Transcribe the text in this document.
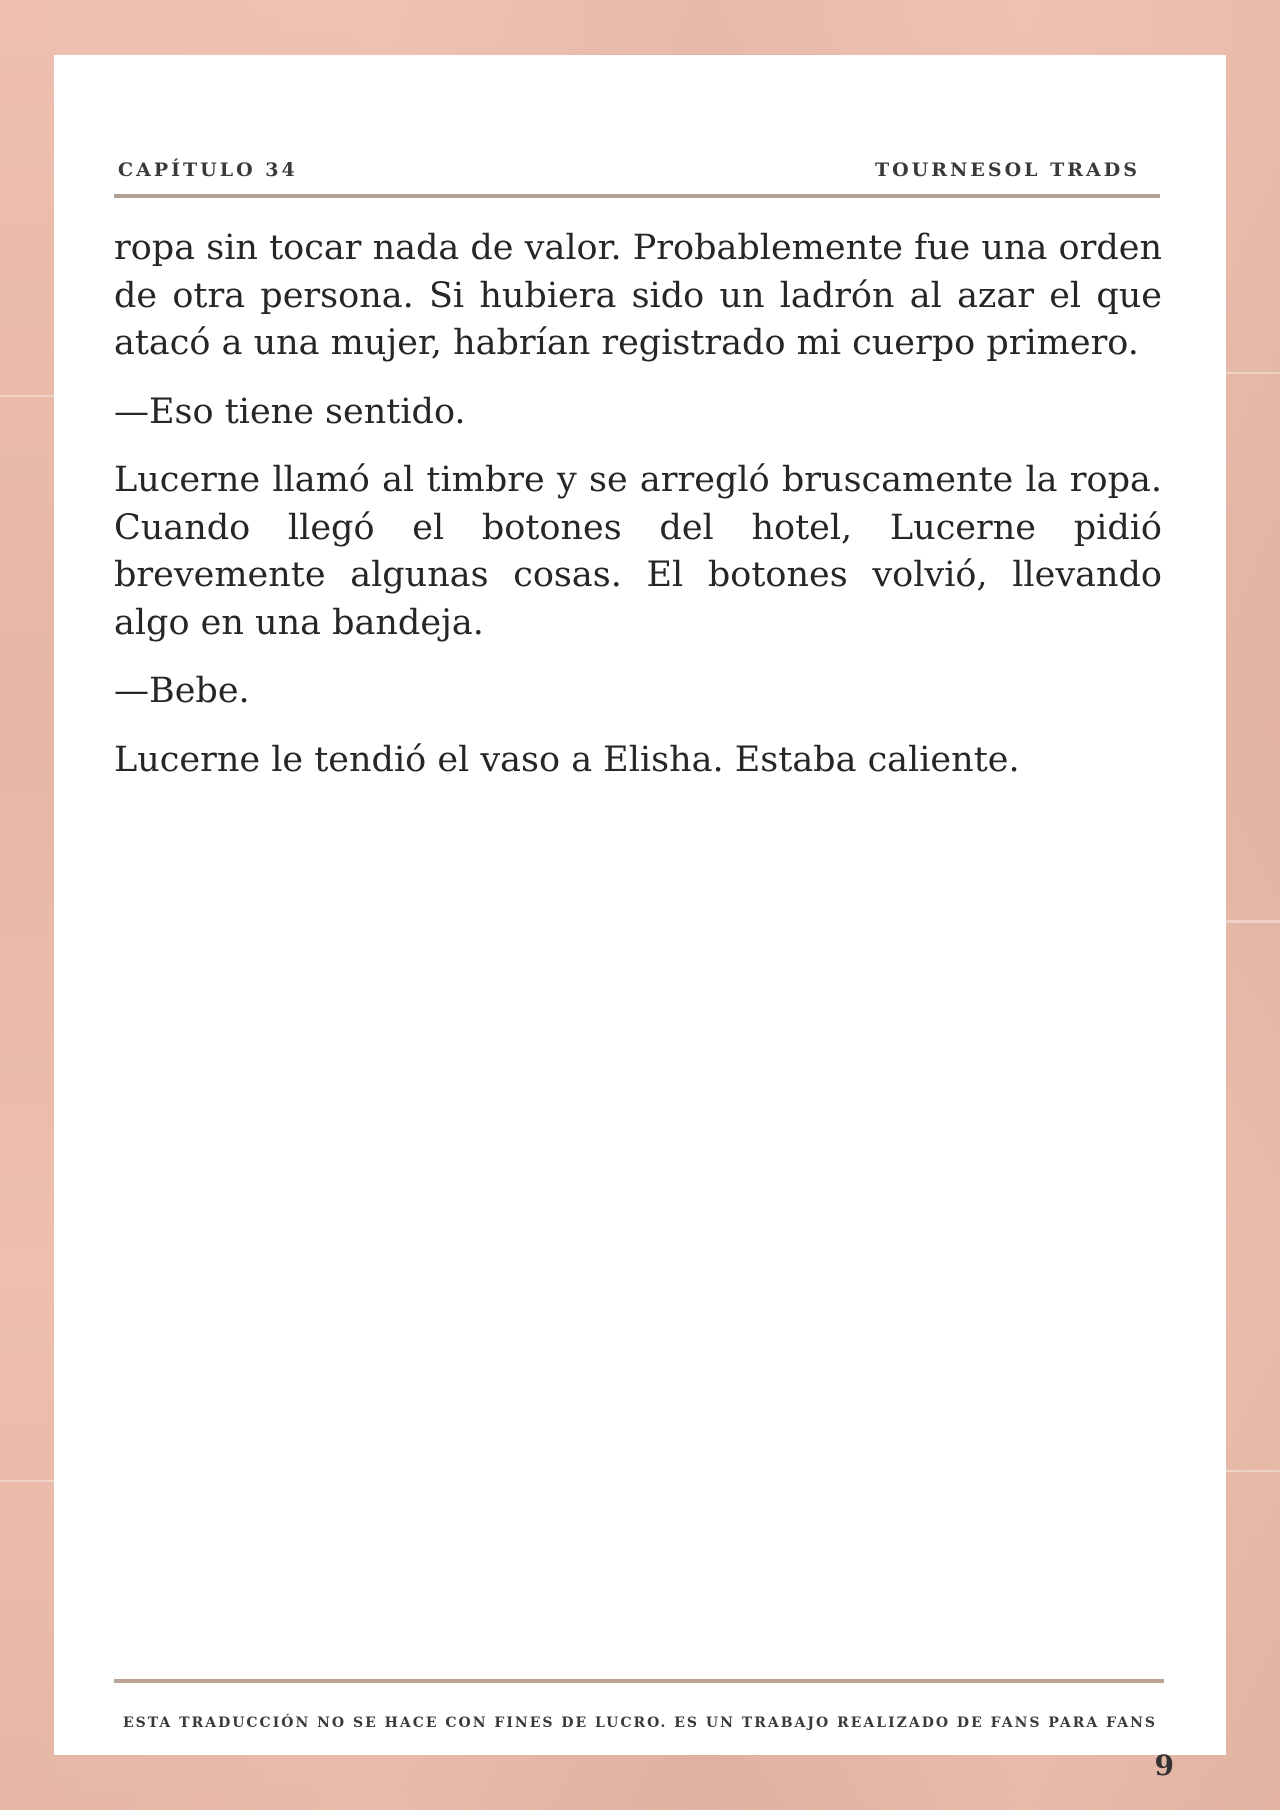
CAPÍTULO 34	TOURNESOL TRADS

ropa sin tocar nada de valor. Probablemente fue una orden de otra persona. Si hubiera sido un ladrón al azar el que atacó a una mujer, habrían registrado mi cuerpo primero.

—Eso tiene sentido.

Lucerne llamó al timbre y se arregló bruscamente la ropa. Cuando llegó el botones del hotel, Lucerne pidió brevemente algunas cosas. El botones volvió, llevando algo en una bandeja.

—Bebe.

Lucerne le tendió el vaso a Elisha. Estaba caliente.

ESTA TRADUCCIÓN NO SE HACE CON FINES DE LUCRO. ES UN TRABAJO REALIZADO DE FANS PARA FANS
9
